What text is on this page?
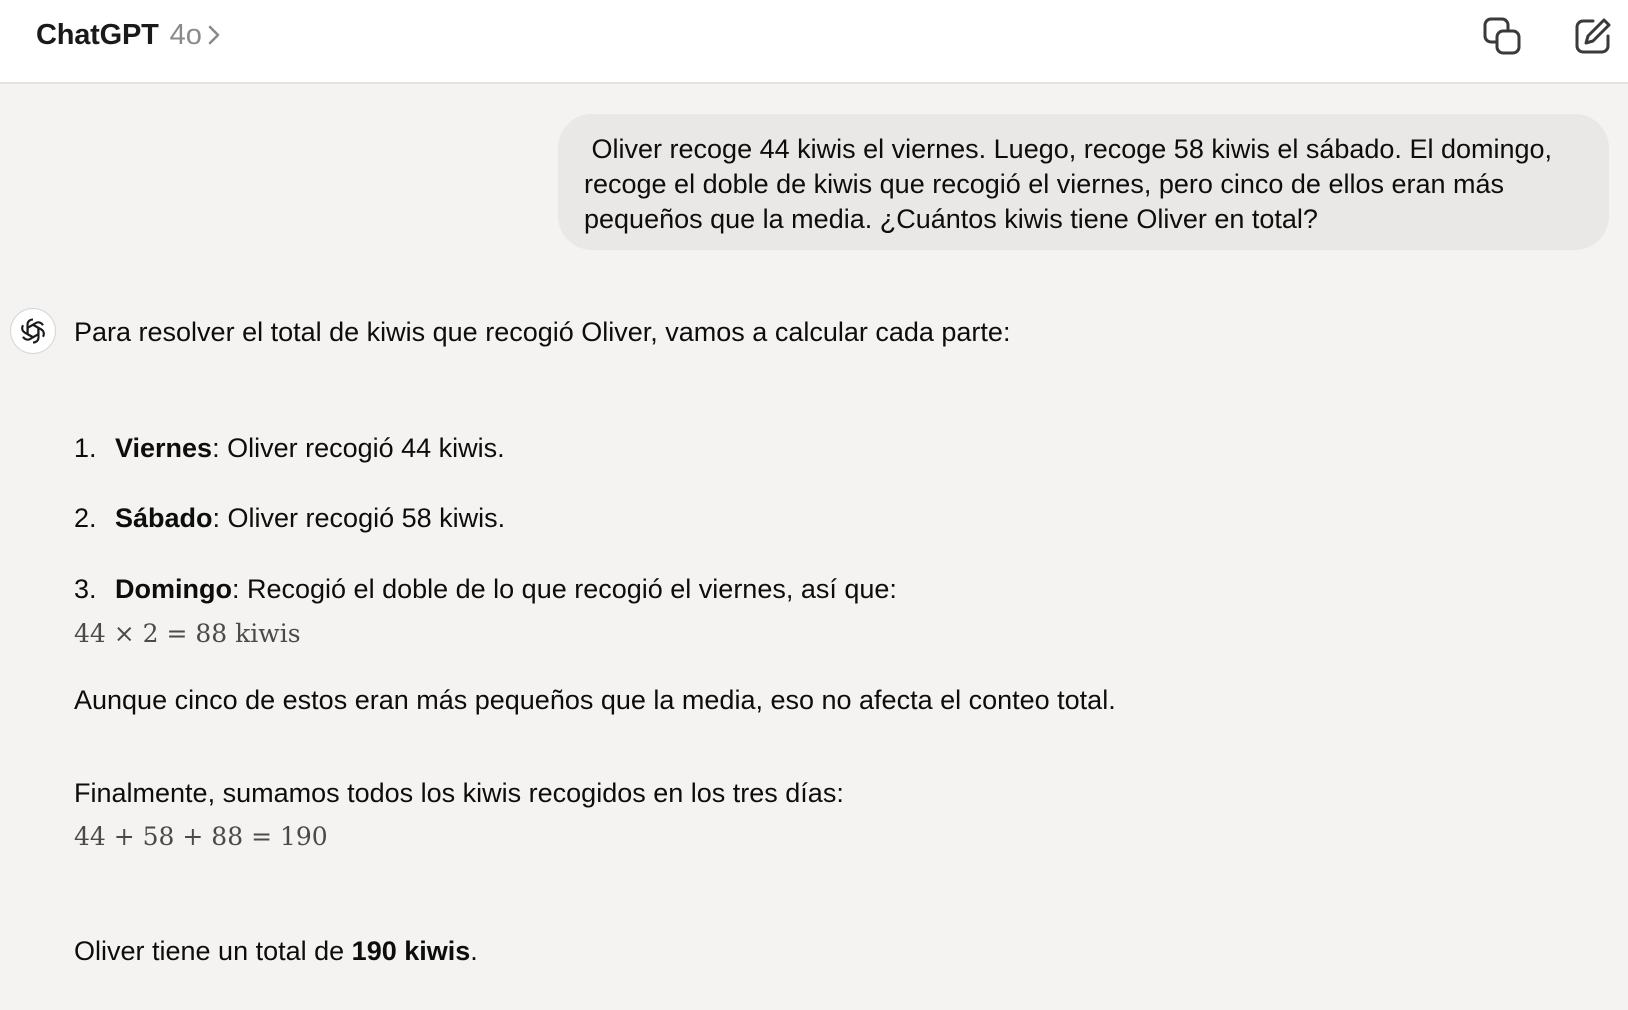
ChatGPT 4o
Oliver recoge 44 kiwis el viernes. Luego, recoge 58 kiwis el sábado. El domingo, recoge el doble de kiwis que recogió el viernes, pero cinco de ellos eran más pequeños que la media. ¿Cuántos kiwis tiene Oliver en total?
Para resolver el total de kiwis que recogió Oliver, vamos a calcular cada parte:
1. Viernes: Oliver recogió 44 kiwis.
2. Sábado: Oliver recogió 58 kiwis.
3. Domingo: Recogió el doble de lo que recogió el viernes, así que:
44 × 2 = 88 kiwis
Aunque cinco de estos eran más pequeños que la media, eso no afecta el conteo total.
Finalmente, sumamos todos los kiwis recogidos en los tres días:
44 + 58 + 88 = 190
Oliver tiene un total de 190 kiwis.
